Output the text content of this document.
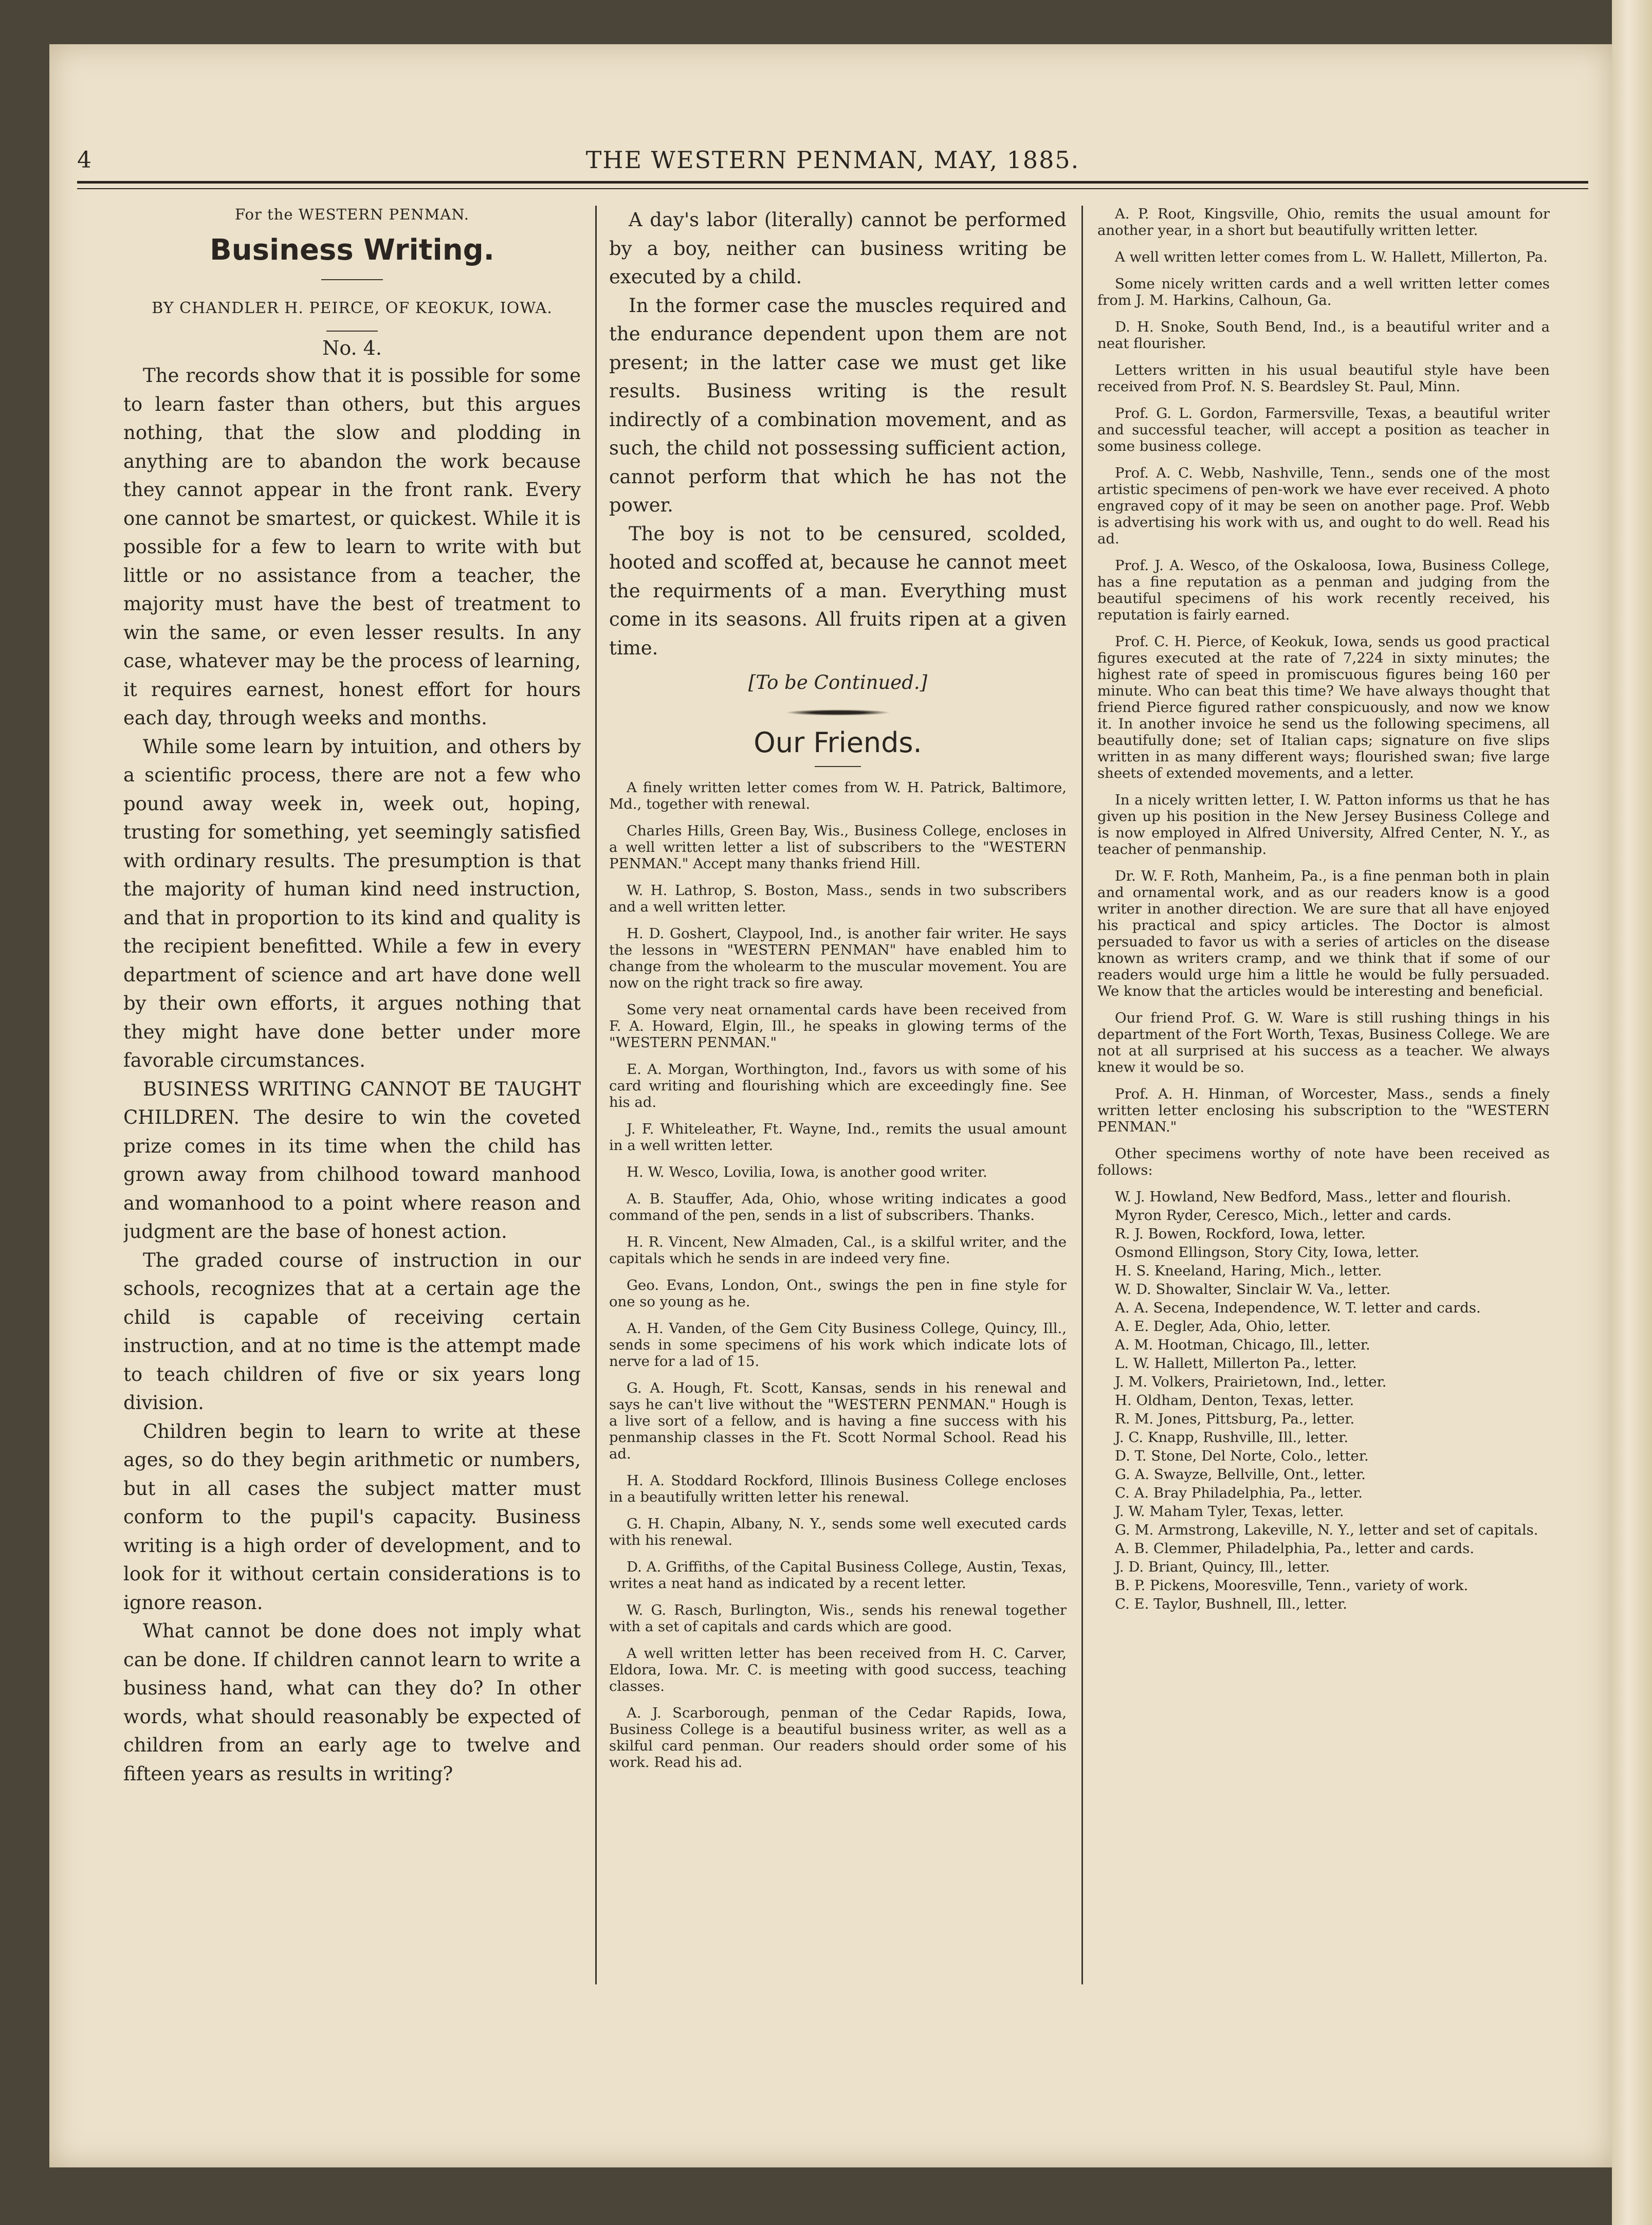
4	THE WESTERN PENMAN, MAY, 1885.
For the WESTERN PENMAN.
Business Writing.
BY CHANDLER H. PEIRCE, OF KEOKUK, IOWA.
No. 4.

The records show that it is possible for some to learn faster than others, but this argues nothing, that the slow and plodding in anything are to abandon the work because they cannot appear in the front rank. Every one cannot be smartest, or quickest. While it is possible for a few to learn to write with but little or no assistance from a teacher, the majority must have the best of treatment to win the same, or even lesser results. In any case, whatever may be the process of learning, it requires earnest, honest effort for hours each day, through weeks and months.

While some learn by intuition, and others by a scientific process, there are not a few who pound away week in, week out, hoping, trusting for something, yet seemingly satisfied with ordinary results. The presumption is that the majority of human kind need instruction, and that in proportion to its kind and quality is the recipient benefitted. While a few in every department of science and art have done well by their own efforts, it argues nothing that they might have done better under more favorable circumstances.

BUSINESS WRITING CANNOT BE TAUGHT CHILDREN. The desire to win the coveted prize comes in its time when the child has grown away from chilhood toward manhood and womanhood to a point where reason and judgment are the base of honest action.

The graded course of instruction in our schools, recognizes that at a certain age the child is capable of receiving certain instruction, and at no time is the attempt made to teach children of five or six years long division.

Children begin to learn to write at these ages, so do they begin arithmetic or numbers, but in all cases the subject matter must conform to the pupil's capacity. Business writing is a high order of development, and to look for it without certain considerations is to ignore reason.

What cannot be done does not imply what can be done. If children cannot learn to write a business hand, what can they do? In other words, what should reasonably be expected of children from an early age to twelve and fifteen years as results in writing?

A day's labor (literally) cannot be performed by a boy, neither can business writing be executed by a child.

In the former case the muscles required and the endurance dependent upon them are not present; in the latter case we must get like results. Business writing is the result indirectly of a combination movement, and as such, the child not possessing sufficient action, cannot perform that which he has not the power.

The boy is not to be censured, scolded, hooted and scoffed at, because he cannot meet the requirments of a man. Everything must come in its seasons. All fruits ripen at a given time.

[To be Continued.]
Our Friends.

A finely written letter comes from W. H. Patrick, Baltimore, Md., together with renewal.

Charles Hills, Green Bay, Wis., Business College, encloses in a well written letter a list of subscribers to the "WESTERN PENMAN." Accept many thanks friend Hill.

W. H. Lathrop, S. Boston, Mass., sends in two subscribers and a well written letter.

H. D. Goshert, Claypool, Ind., is another fair writer. He says the lessons in "WESTERN PENMAN" have enabled him to change from the wholearm to the muscular movement. You are now on the right track so fire away.

Some very neat ornamental cards have been received from F. A. Howard, Elgin, Ill., he speaks in glowing terms of the "WESTERN PENMAN."

E. A. Morgan, Worthington, Ind., favors us with some of his card writing and flourishing which are exceedingly fine. See his ad.

J. F. Whiteleather, Ft. Wayne, Ind., remits the usual amount in a well written letter.

H. W. Wesco, Lovilia, Iowa, is another good writer.

A. B. Stauffer, Ada, Ohio, whose writing indicates a good command of the pen, sends in a list of subscribers. Thanks.

H. R. Vincent, New Almaden, Cal., is a skilful writer, and the capitals which he sends in are indeed very fine.

Geo. Evans, London, Ont., swings the pen in fine style for one so young as he.

A. H. Vanden, of the Gem City Business College, Quincy, Ill., sends in some specimens of his work which indicate lots of nerve for a lad of 15.

G. A. Hough, Ft. Scott, Kansas, sends in his renewal and says he can't live without the "WESTERN PENMAN." Hough is a live sort of a fellow, and is having a fine success with his penmanship classes in the Ft. Scott Normal School. Read his ad.

H. A. Stoddard Rockford, Illinois Business College encloses in a beautifully written letter his renewal.

G. H. Chapin, Albany, N. Y., sends some well executed cards with his renewal.

D. A. Griffiths, of the Capital Business College, Austin, Texas, writes a neat hand as indicated by a recent letter.

W. G. Rasch, Burlington, Wis., sends his renewal together with a set of capitals and cards which are good.

A well written letter has been received from H. C. Carver, Eldora, Iowa. Mr. C. is meeting with good success, teaching classes.

A. J. Scarborough, penman of the Cedar Rapids, Iowa, Business College is a beautiful business writer, as well as a skilful card penman. Our readers should order some of his work. Read his ad.

A. P. Root, Kingsville, Ohio, remits the usual amount for another year, in a short but beautifully written letter.

A well written letter comes from L. W. Hallett, Millerton, Pa.

Some nicely written cards and a well written letter comes from J. M. Harkins, Calhoun, Ga.

D. H. Snoke, South Bend, Ind., is a beautiful writer and a neat flourisher.

Letters written in his usual beautiful style have been received from Prof. N. S. Beardsley St. Paul, Minn.

Prof. G. L. Gordon, Farmersville, Texas, a beautiful writer and successful teacher, will accept a position as teacher in some business college.

Prof. A. C. Webb, Nashville, Tenn., sends one of the most artistic specimens of pen-work we have ever received. A photo engraved copy of it may be seen on another page. Prof. Webb is advertising his work with us, and ought to do well. Read his ad.

Prof. J. A. Wesco, of the Oskaloosa, Iowa, Business College, has a fine reputation as a penman and judging from the beautiful specimens of his work recently received, his reputation is fairly earned.

Prof. C. H. Pierce, of Keokuk, Iowa, sends us good practical figures executed at the rate of 7,224 in sixty minutes; the highest rate of speed in promiscuous figures being 160 per minute. Who can beat this time? We have always thought that friend Pierce figured rather conspicuously, and now we know it. In another invoice he send us the following specimens, all beautifully done; set of Italian caps; signature on five slips written in as many different ways; flourished swan; five large sheets of extended movements, and a letter.

In a nicely written letter, I. W. Patton informs us that he has given up his position in the New Jersey Business College and is now employed in Alfred University, Alfred Center, N. Y., as teacher of penmanship.

Dr. W. F. Roth, Manheim, Pa., is a fine penman both in plain and ornamental work, and as our readers know is a good writer in another direction. We are sure that all have enjoyed his practical and spicy articles. The Doctor is almost persuaded to favor us with a series of articles on the disease known as writers cramp, and we think that if some of our readers would urge him a little he would be fully persuaded. We know that the articles would be interesting and beneficial.

Our friend Prof. G. W. Ware is still rushing things in his department of the Fort Worth, Texas, Business College. We are not at all surprised at his success as a teacher. We always knew it would be so.

Prof. A. H. Hinman, of Worcester, Mass., sends a finely written letter enclosing his subscription to the "WESTERN PENMAN."

Other specimens worthy of note have been received as follows:

W. J. Howland, New Bedford, Mass., letter and flourish.

Myron Ryder, Ceresco, Mich., letter and cards.

R. J. Bowen, Rockford, Iowa, letter.

Osmond Ellingson, Story City, Iowa, letter.

H. S. Kneeland, Haring, Mich., letter.

W. D. Showalter, Sinclair W. Va., letter.

A. A. Secena, Independence, W. T. letter and cards.

A. E. Degler, Ada, Ohio, letter.

A. M. Hootman, Chicago, Ill., letter.

L. W. Hallett, Millerton Pa., letter.

J. M. Volkers, Prairietown, Ind., letter.

H. Oldham, Denton, Texas, letter.

R. M. Jones, Pittsburg, Pa., letter.

J. C. Knapp, Rushville, Ill., letter.

D. T. Stone, Del Norte, Colo., letter.

G. A. Swayze, Bellville, Ont., letter.

C. A. Bray Philadelphia, Pa., letter.

J. W. Maham Tyler, Texas, letter.

G. M. Armstrong, Lakeville, N. Y., letter and set of capitals.

A. B. Clemmer, Philadelphia, Pa., letter and cards.

J. D. Briant, Quincy, Ill., letter.

B. P. Pickens, Mooresville, Tenn., variety of work.

C. E. Taylor, Bushnell, Ill., letter.
